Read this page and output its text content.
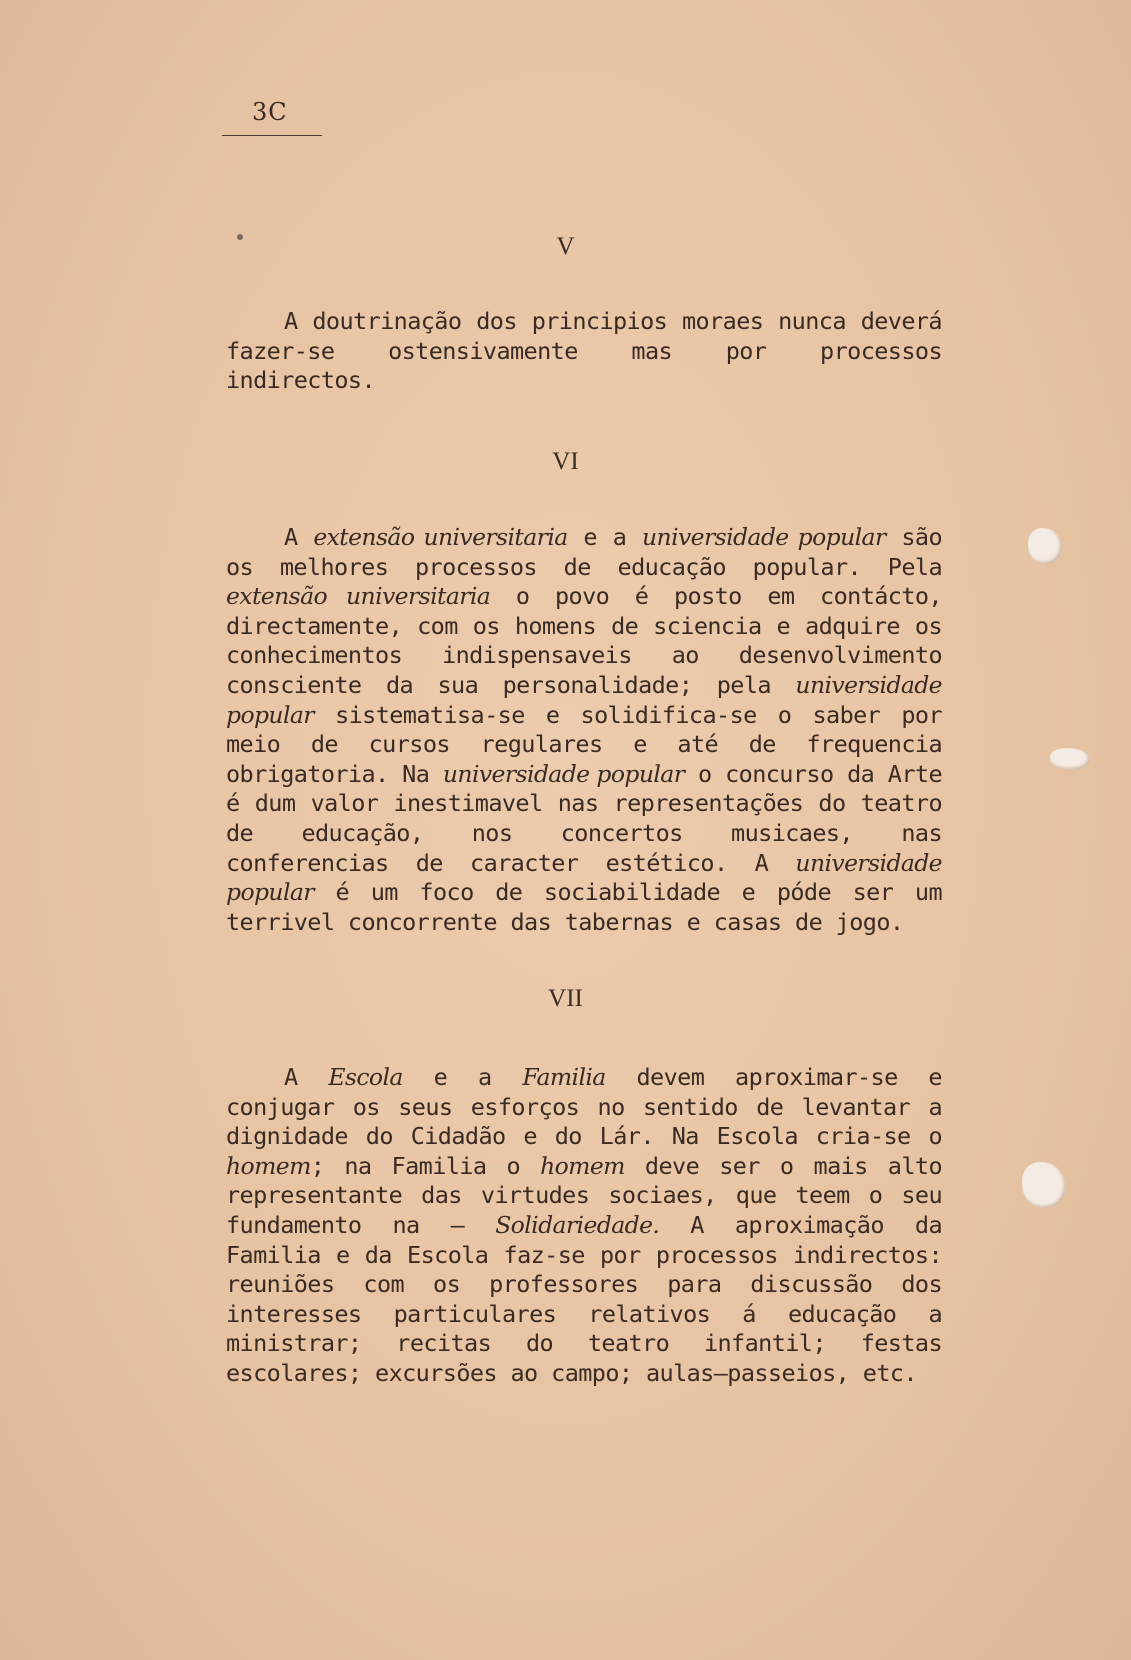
3C
V

A doutrinação dos principios moraes nunca deverá fazer-se ostensivamente mas por processos indirectos.

VI

A extensão universitaria e a universidade popular são os melhores processos de educação popular. Pela extensão universitaria o povo é posto em contácto, directamente, com os homens de sciencia e adquire os conhecimentos indispensaveis ao desenvolvimento consciente da sua personalidade; pela universidade popular sistematisa-se e solidifica-se o saber por meio de cursos regulares e até de frequencia obrigatoria. Na universidade popular o concurso da Arte é dum valor inestimavel nas representações do teatro de educação, nos concertos musicaes, nas conferencias de caracter estético. A universidade popular é um foco de sociabilidade e póde ser um terrivel concorrente das tabernas e casas de jogo.

VII

A Escola e a Familia devem aproximar-se e conjugar os seus esforços no sentido de levantar a dignidade do Cidadão e do Lár. Na Escola cria-se o homem; na Familia o homem deve ser o mais alto representante das virtudes sociaes, que teem o seu fundamento na — Solidariedade. A aproximação da Familia e da Escola faz-se por processos indirectos: reuniões com os professores para discussão dos interesses particulares relativos á educação a ministrar; recitas do teatro infantil; festas escolares; excursões ao campo; aulas—passeios, etc.
